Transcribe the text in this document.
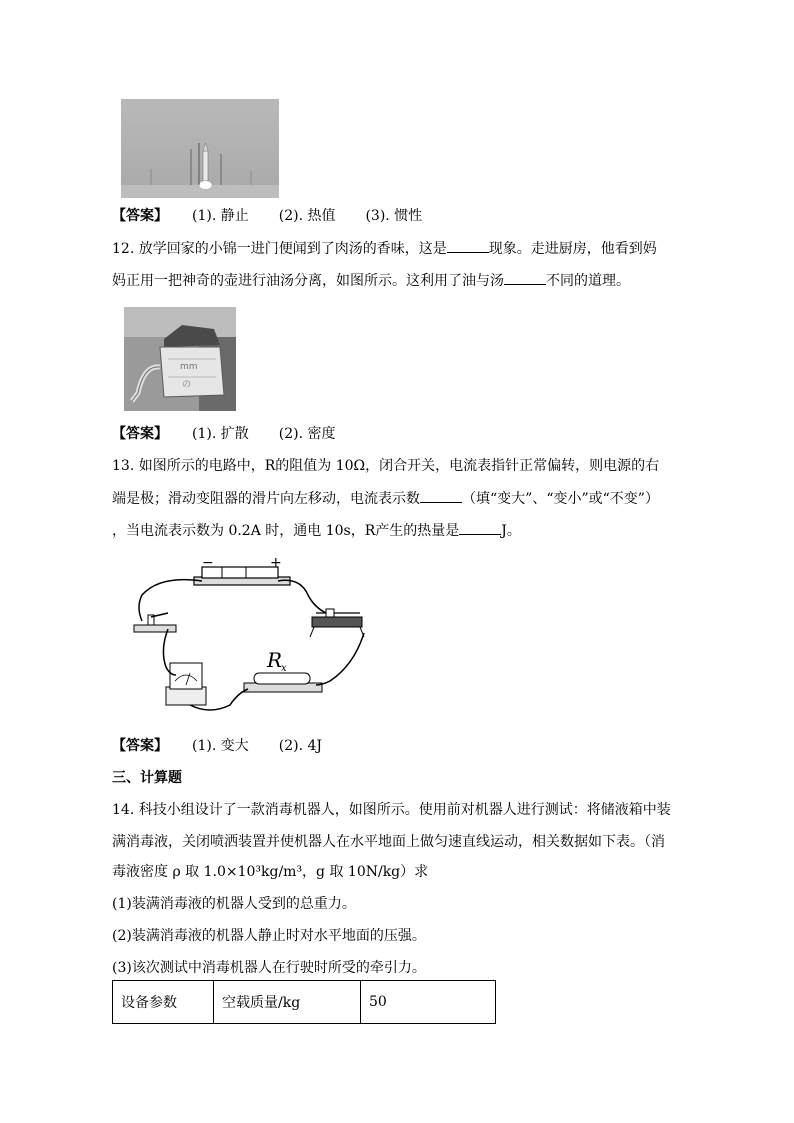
【答案】 (1). 静止 (2). 热值 (3). 惯性
12. 放学回家的小锦一进门便闻到了肉汤的香味，这是	现象。走进厨房，他看到妈
妈正用一把神奇的壶进行油汤分离，如图所示。这利用了油与汤	不同的道理。
mm
の
【答案】 (1). 扩散 (2). 密度
13. 如图所示的电路中，R的阻值为 10Ω，闭合开关，电流表指针正常偏转，则电源的右
端是极；滑动变阻器的滑片向左移动，电流表示数	（填“变大”、“变小”或“不变”）
，当电流表示数为 0.2A 时，通电 10s，R产生的热量是	J。
−	+
R
x
【答案】 (1). 变大 (2). 4J
三、计算题
14. 科技小组设计了一款消毒机器人，如图所示。使用前对机器人进行测试：将储液箱中装
满消毒液，关闭喷洒装置并使机器人在水平地面上做匀速直线运动，相关数据如下表。（消
毒液密度 ρ 取 1.0×10³kg/m³，g 取 10N/kg）求
(1)装满消毒液的机器人受到的总重力。
(2)装满消毒液的机器人静止时对水平地面的压强。
(3)该次测试中消毒机器人在行驶时所受的牵引力。
设备参数	空载质量/kg	50
